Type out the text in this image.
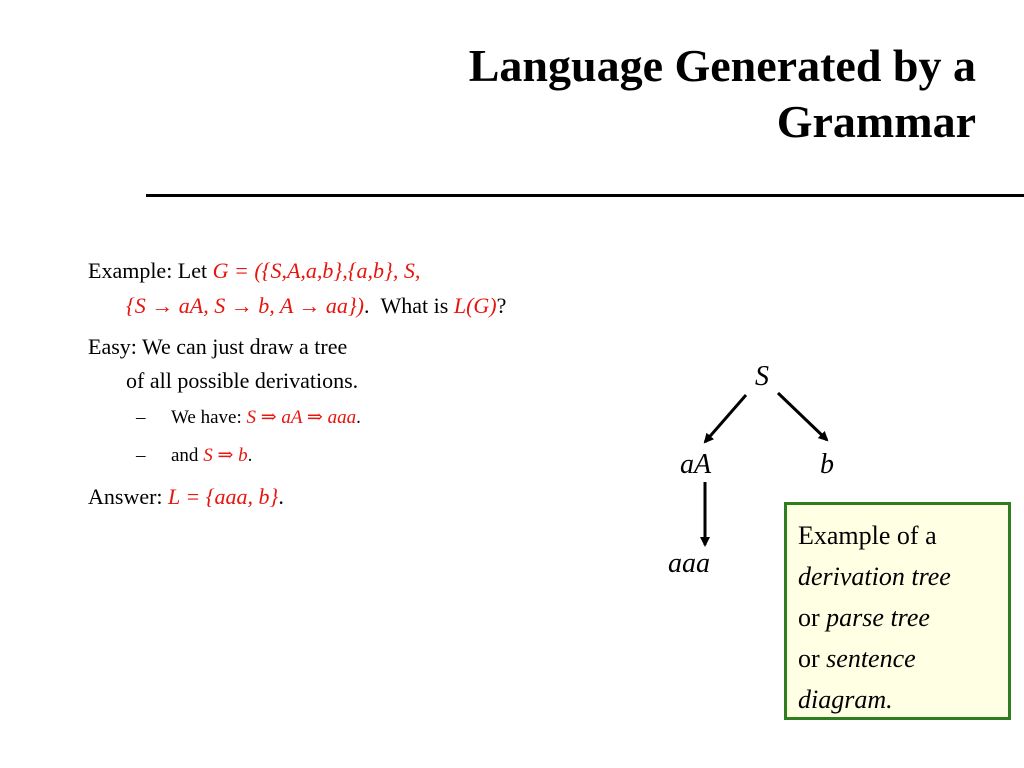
Language Generated by a
Grammar
Example: Let G = ({S,A,a,b},{a,b}, S,
{S → aA, S → b, A → aa}). What is L(G)?
Easy: We can just draw a tree
of all possible derivations.
– We have: S ⇒ aA ⇒ aaa.
– and S ⇒ b.
Answer: L = {aaa, b}.
S
aA	b
aaa
Example of a
derivation tree
or parse tree
or sentence
diagram.
